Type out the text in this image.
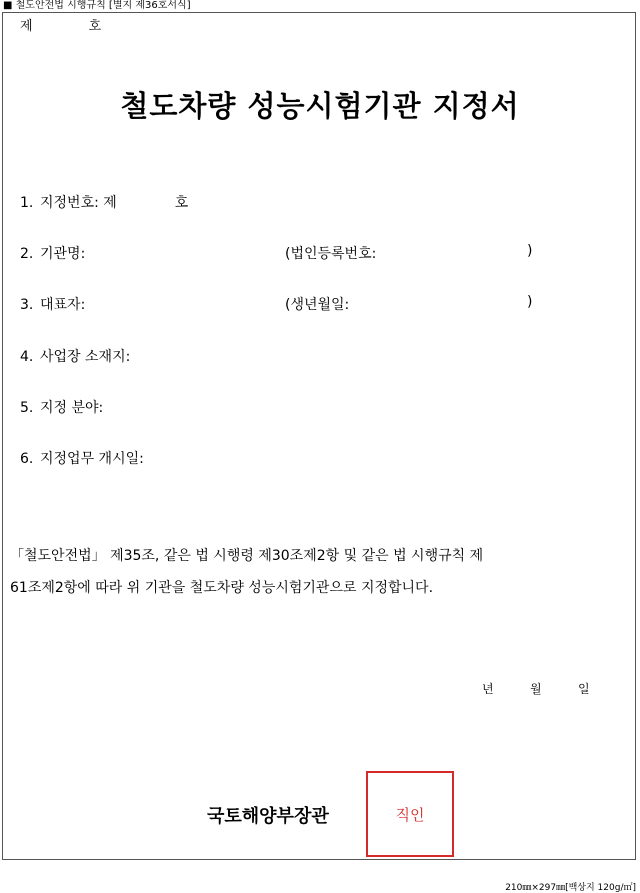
■ 철도안전법 시행규칙 [별지 제36호서식]
제	호
철도차량 성능시험기관 지정서
1. 지정번호: 제	호
2. 기관명:	(법인등록번호:	)
3. 대표자:	(생년월일:	)
4. 사업장 소재지:
5. 지정 분야:
6. 지정업무 개시일:
「철도안전법」 제35조, 같은 법 시행령 제30조제2항 및 같은 법 시행규칙 제
61조제2항에 따라 위 기관을 철도차량 성능시험기관으로 지정합니다.
년	월	일
국토해양부장관	직인
210㎜×297㎜[백상지 120g/㎡]
